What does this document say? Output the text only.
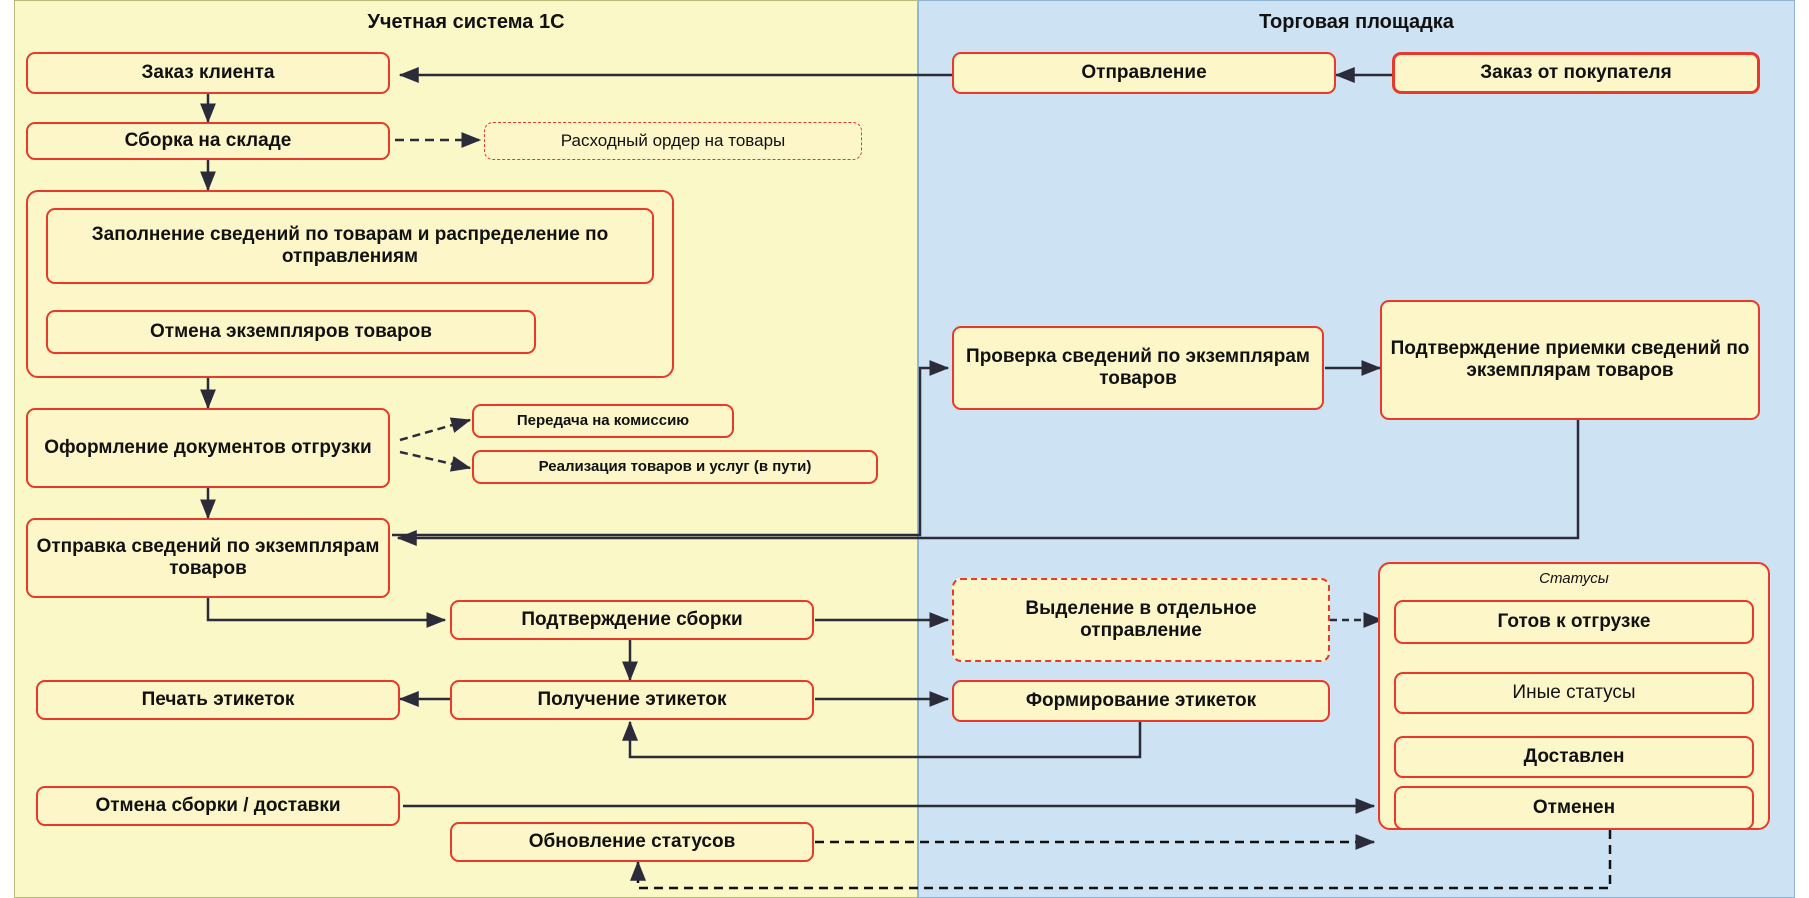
Учетная система 1С	Торговая площадка
Заказ клиента
Сборка на складе	Расходный ордер на товары
Заполнение сведений по товарам и распределение по отправлениям
Отмена экземпляров товаров
Оформление документов отгрузки
Передача на комиссию
Реализация товаров и услуг (в пути)
Отправка сведений по экземплярам товаров
Подтверждение сборки
Печать этикеток	Получение этикеток
Отмена сборки / доставки
Обновление статусов
Отправление	Заказ от покупателя
Проверка сведений по экземплярам товаров
Подтверждение приемки сведений по экземплярам товаров
Выделение в отдельное отправление
Формирование этикеток
Статусы
Готов к отгрузке
Иные статусы
Доставлен
Отменен
